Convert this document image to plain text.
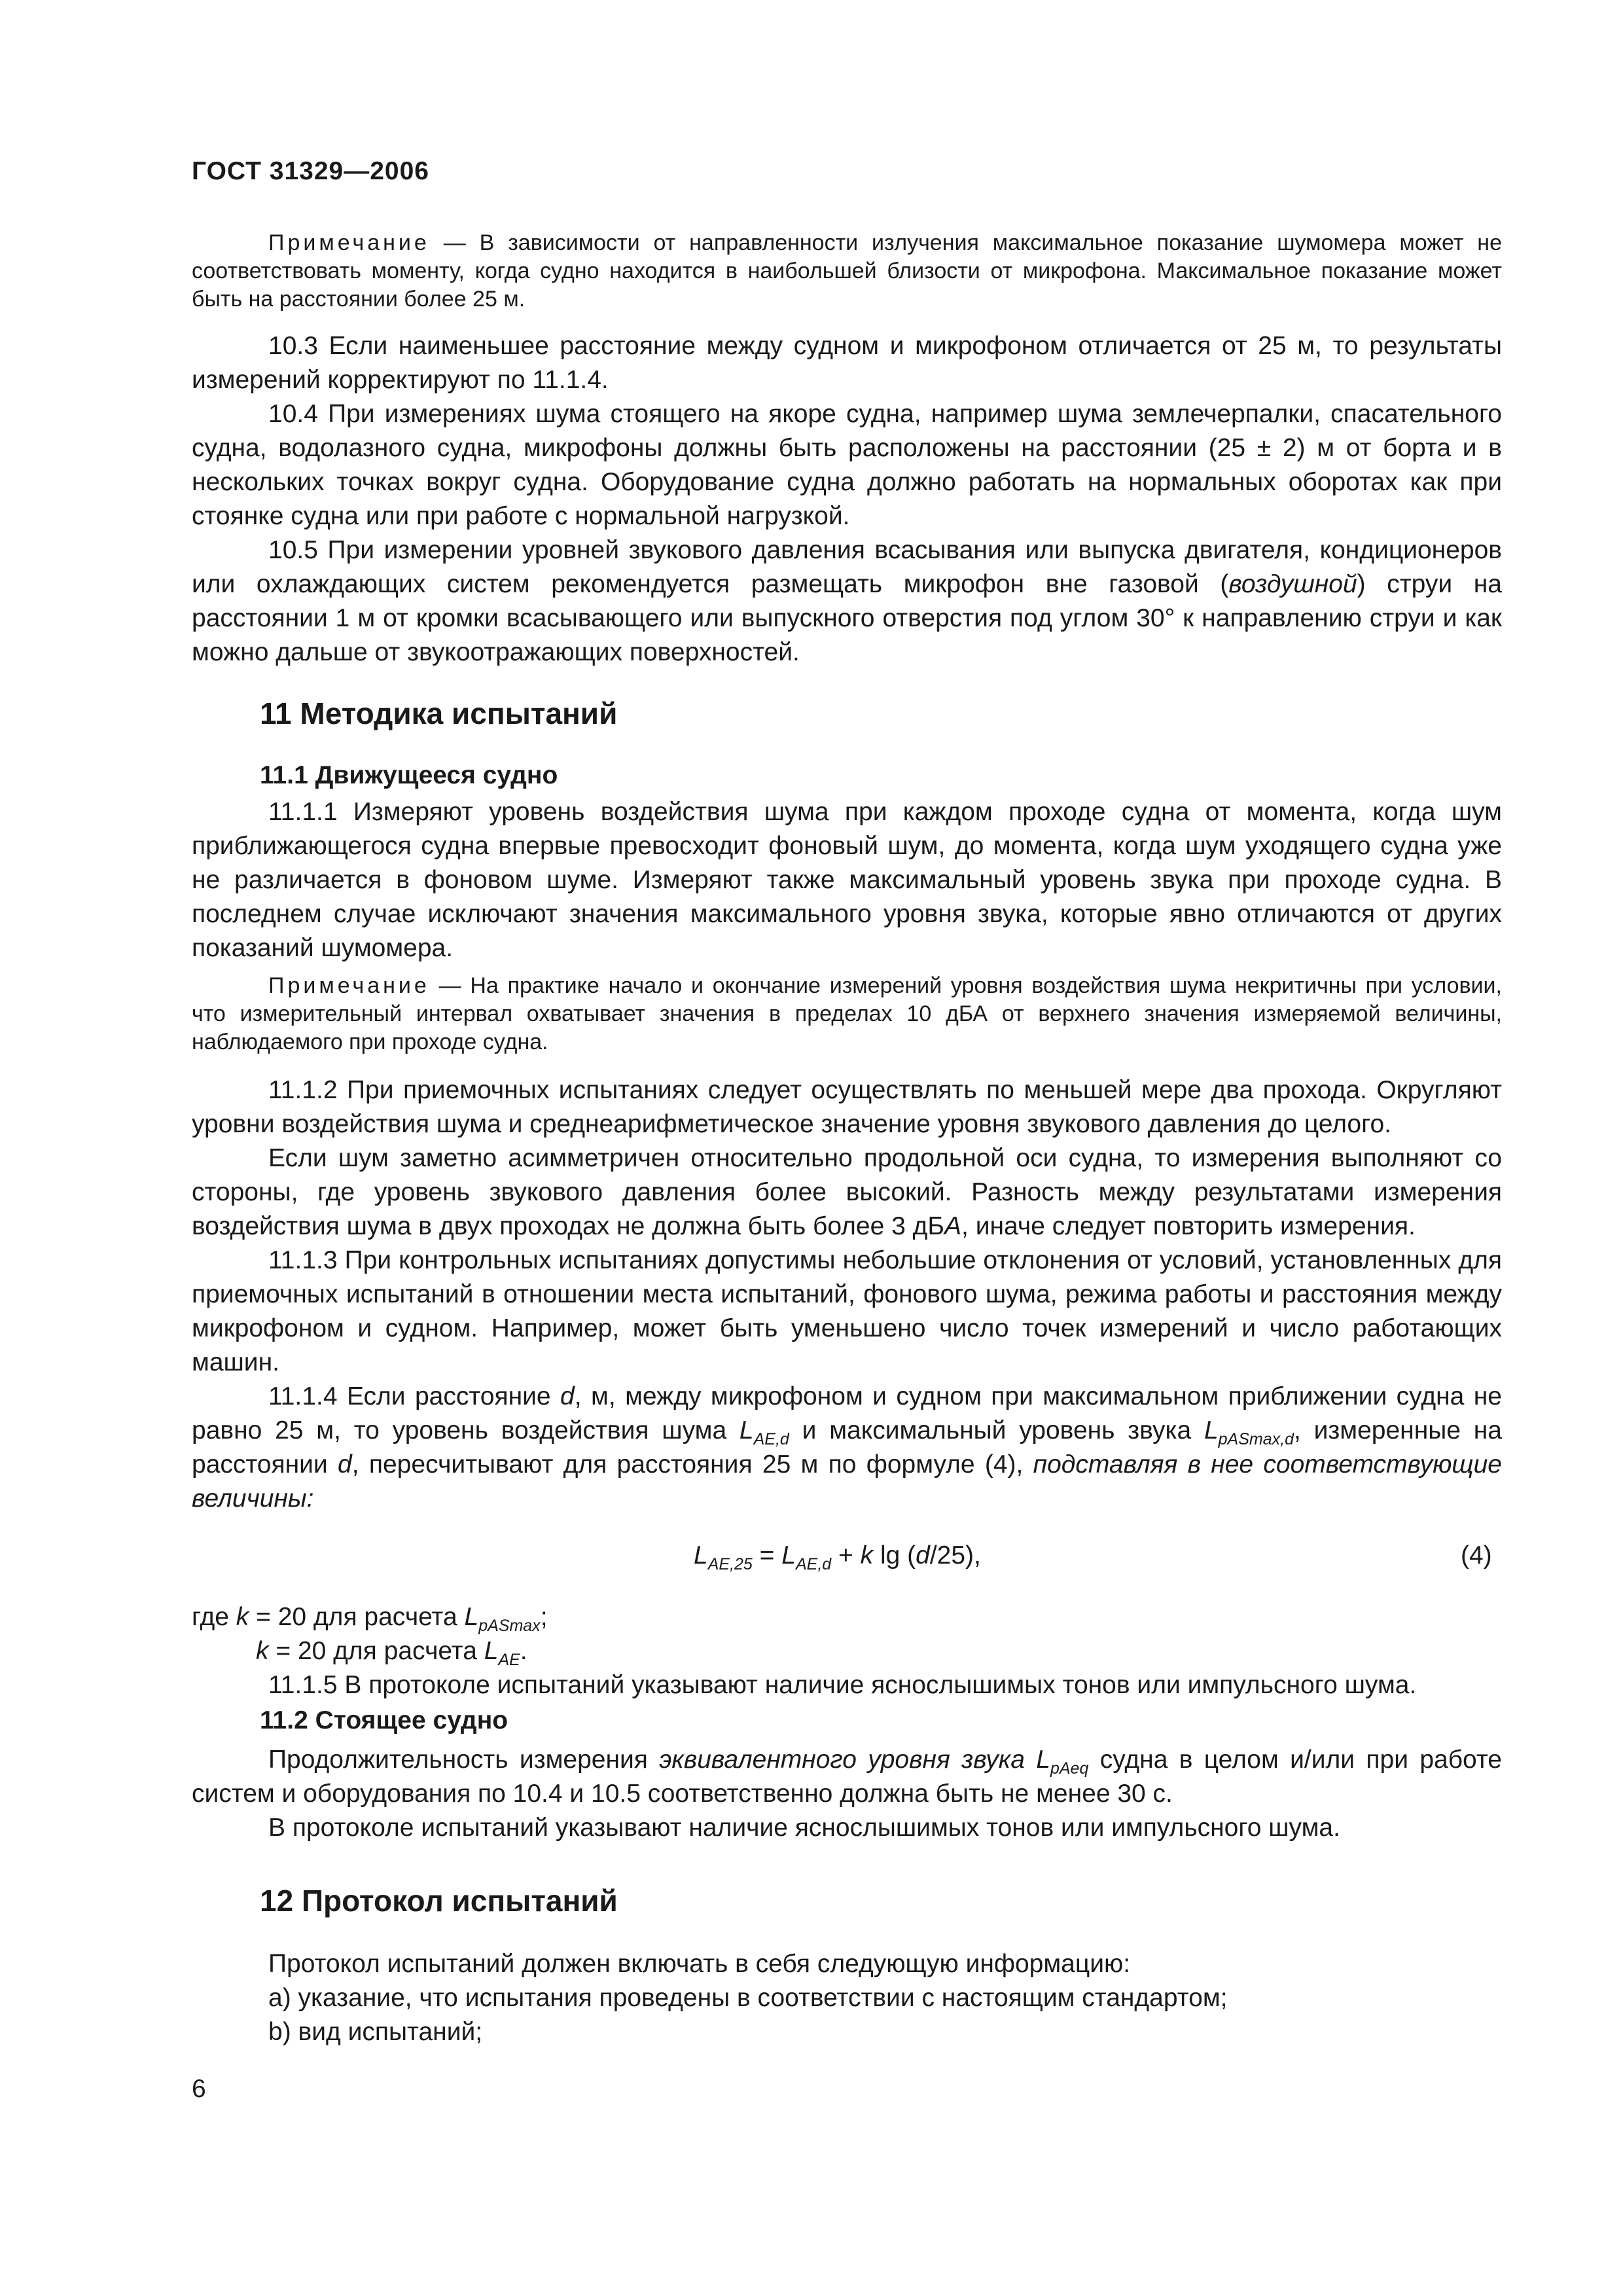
ГОСТ 31329—2006

Примечание — В зависимости от направленности излучения максимальное показание шумомера может не соответствовать моменту, когда судно находится в наибольшей близости от микрофона. Максимальное показание может быть на расстоянии более 25 м.

10.3 Если наименьшее расстояние между судном и микрофоном отличается от 25 м, то результаты измерений корректируют по 11.1.4.

10.4 При измерениях шума стоящего на якоре судна, например шума землечерпалки, спасательного судна, водолазного судна, микрофоны должны быть расположены на расстоянии (25 ± 2) м от борта и в нескольких точках вокруг судна. Оборудование судна должно работать на нормальных оборотах как при стоянке судна или при работе с нормальной нагрузкой.

10.5 При измерении уровней звукового давления всасывания или выпуска двигателя, кондиционеров или охлаждающих систем рекомендуется размещать микрофон вне газовой (воздушной) струи на расстоянии 1 м от кромки всасывающего или выпускного отверстия под углом 30° к направлению струи и как можно дальше от звукоотражающих поверхностей.

11 Методика испытаний

11.1 Движущееся судно

11.1.1 Измеряют уровень воздействия шума при каждом проходе судна от момента, когда шум приближающегося судна впервые превосходит фоновый шум, до момента, когда шум уходящего судна уже не различается в фоновом шуме. Измеряют также максимальный уровень звука при проходе судна. В последнем случае исключают значения максимального уровня звука, которые явно отличаются от других показаний шумомера.

Примечание — На практике начало и окончание измерений уровня воздействия шума некритичны при условии, что измерительный интервал охватывает значения в пределах 10 дБА от верхнего значения измеряемой величины, наблюдаемого при проходе судна.

11.1.2 При приемочных испытаниях следует осуществлять по меньшей мере два прохода. Округляют уровни воздействия шума и среднеарифметическое значение уровня звукового давления до целого.

Если шум заметно асимметричен относительно продольной оси судна, то измерения выполняют со стороны, где уровень звукового давления более высокий. Разность между результатами измерения воздействия шума в двух проходах не должна быть более 3 дБA, иначе следует повторить измерения.

11.1.3 При контрольных испытаниях допустимы небольшие отклонения от условий, установленных для приемочных испытаний в отношении места испытаний, фонового шума, режима работы и расстояния между микрофоном и судном. Например, может быть уменьшено число точек измерений и число работающих машин.

11.1.4 Если расстояние d, м, между микрофоном и судном при максимальном приближении судна не равно 25 м, то уровень воздействия шума $L_{AE,d}$ и максимальный уровень звука $L_{pASmax,d}$, измеренные на расстоянии d, пересчитывают для расстояния 25 м по формуле (4), подставляя в нее соответствующие величины:

$L_{AE,25} = L_{AE,d} + k$ lg (d/25),	(4)

где k = 20 для расчета $L_{pASmax}$;

k = 20 для расчета $L_{AE}$.

11.1.5 В протоколе испытаний указывают наличие яснослышимых тонов или импульсного шума.

11.2 Стоящее судно

Продолжительность измерения эквивалентного уровня звука $L_{pAeq}$ судна в целом и/или при работе систем и оборудования по 10.4 и 10.5 соответственно должна быть не менее 30 с.

В протоколе испытаний указывают наличие яснослышимых тонов или импульсного шума.

12 Протокол испытаний

Протокол испытаний должен включать в себя следующую информацию:

a) указание, что испытания проведены в соответствии с настоящим стандартом;

b) вид испытаний;

6
